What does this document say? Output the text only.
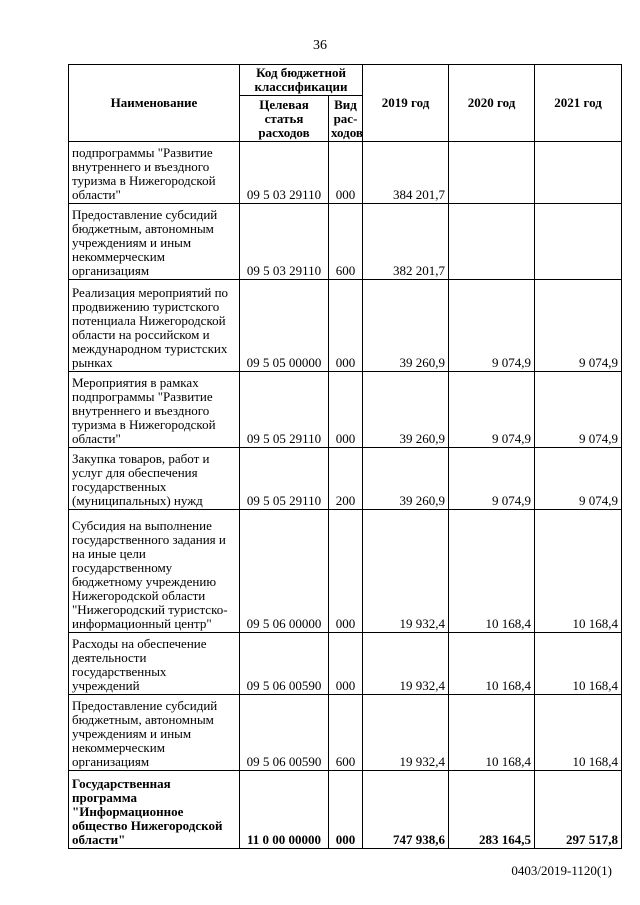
36
Наименование	Код бюджетной классификации		2019 год	2020 год	2021 год
	Целевая статья расходов	Вид рас-ходов			
подпрограммы "Развитие внутреннего и въездного туризма в Нижегородской области"	09 5 03 29110	000	384 201,7		
Предоставление субсидий бюджетным, автономным учреждениям и иным некоммерческим организациям	09 5 03 29110	600	382 201,7		
Реализация мероприятий по продвижению туристского потенциала Нижегородской области на российском и международном туристских рынках	09 5 05 00000	000	39 260,9	9 074,9	9 074,9
Мероприятия в рамках подпрограммы "Развитие внутреннего и въездного туризма в Нижегородской области"	09 5 05 29110	000	39 260,9	9 074,9	9 074,9
Закупка товаров, работ и услуг для обеспечения государственных (муниципальных) нужд	09 5 05 29110	200	39 260,9	9 074,9	9 074,9
Субсидия на выполнение государственного задания и на иные цели государственному бюджетному учреждению Нижегородской области "Нижегородский туристско-информационный центр"	09 5 06 00000	000	19 932,4	10 168,4	10 168,4
Расходы на обеспечение деятельности государственных учреждений	09 5 06 00590	000	19 932,4	10 168,4	10 168,4
Предоставление субсидий бюджетным, автономным учреждениям и иным некоммерческим организациям	09 5 06 00590	600	19 932,4	10 168,4	10 168,4
Государственная программа "Информационное общество Нижегородской области"	11 0 00 00000	000	747 938,6	283 164,5	297 517,8
0403/2019-1120(1)
